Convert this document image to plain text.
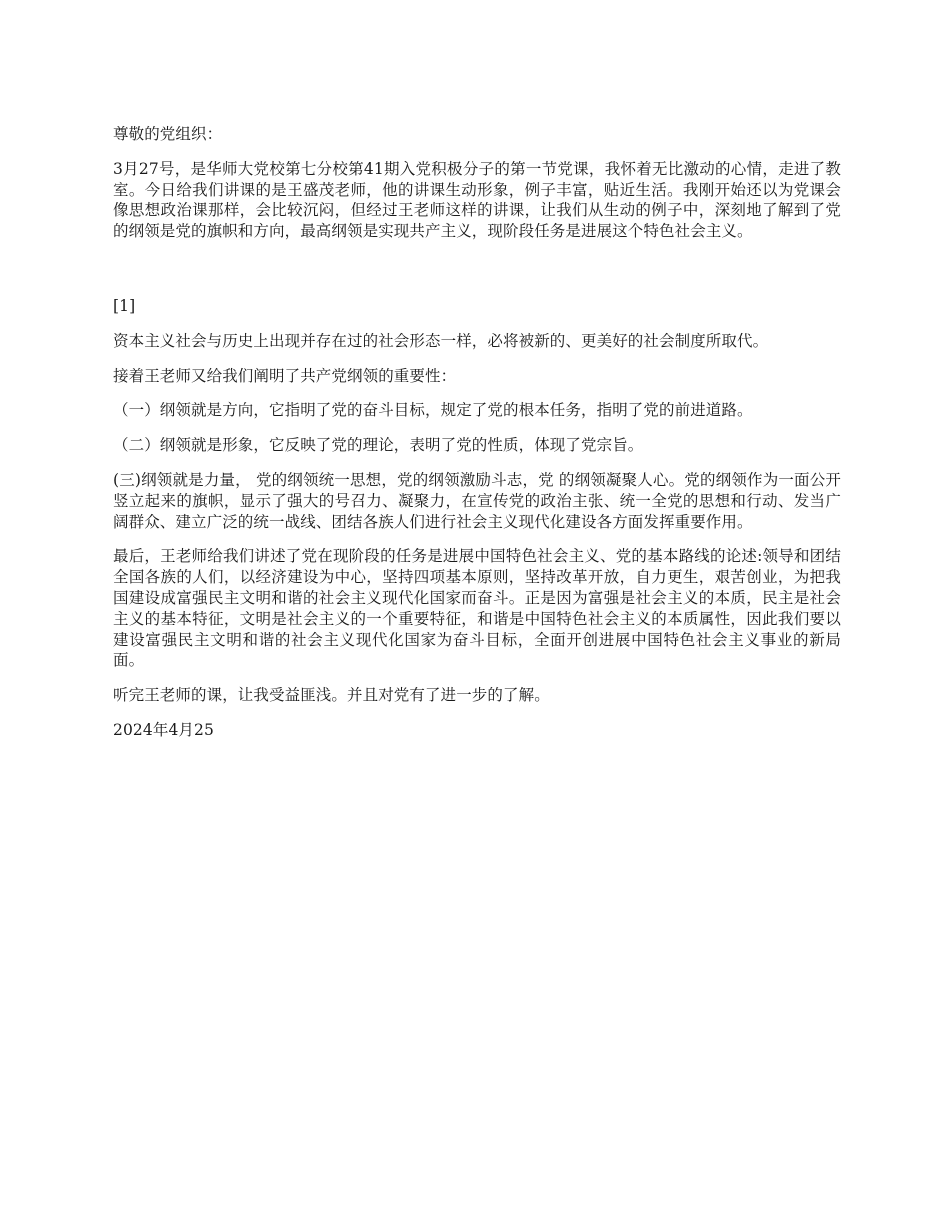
尊敬的党组织：

3月27号，是华师大党校第七分校第41期入党积极分子的第一节党课，我怀着无比激动的心情，走进了教室。今日给我们讲课的是王盛茂老师，他的讲课生动形象，例子丰富，贴近生活。我刚开始还以为党课会像思想政治课那样，会比较沉闷，但经过王老师这样的讲课，让我们从生动的例子中，深刻地了解到了党的纲领是党的旗帜和方向，最高纲领是实现共产主义，现阶段任务是进展这个特色社会主义。

[1]

资本主义社会与历史上出现并存在过的社会形态一样，必将被新的、更美好的社会制度所取代。

接着王老师又给我们阐明了共产党纲领的重要性：

（一）纲领就是方向，它指明了党的奋斗目标，规定了党的根本任务，指明了党的前进道路。

（二）纲领就是形象，它反映了党的理论，表明了党的性质，体现了党宗旨。

(三)纲领就是力量， 党的纲领统一思想，党的纲领激励斗志，党 的纲领凝聚人心。党的纲领作为一面公开竖立起来的旗帜，显示了强大的号召力、凝聚力，在宣传党的政治主张、统一全党的思想和行动、发当广阔群众、建立广泛的统一战线、团结各族人们进行社会主义现代化建设各方面发挥重要作用。

最后，王老师给我们讲述了党在现阶段的任务是进展中国特色社会主义、党的基本路线的论述:领导和团结全国各族的人们，以经济建设为中心，坚持四项基本原则，坚持改革开放，自力更生，艰苦创业，为把我国建设成富强民主文明和谐的社会主义现代化国家而奋斗。正是因为富强是社会主义的本质，民主是社会主义的基本特征，文明是社会主义的一个重要特征，和谐是中国特色社会主义的本质属性，因此我们要以建设富强民主文明和谐的社会主义现代化国家为奋斗目标，全面开创进展中国特色社会主义事业的新局面。

听完王老师的课，让我受益匪浅。并且对党有了进一步的了解。

2024年4月25
